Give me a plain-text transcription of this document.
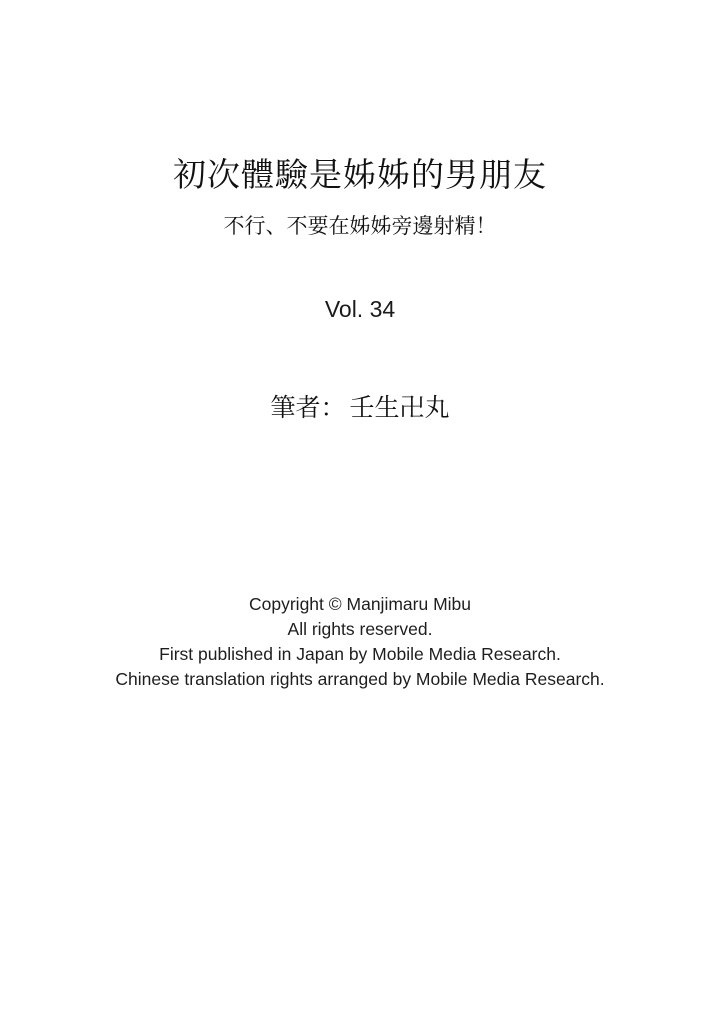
初次體驗是姊姊的男朋友
不行、不要在姊姊旁邊射精！
Vol. 34
筆者： 壬生卍丸
Copyright © Manjimaru Mibu
All rights reserved.
First published in Japan by Mobile Media Research.
Chinese translation rights arranged by Mobile Media Research.
